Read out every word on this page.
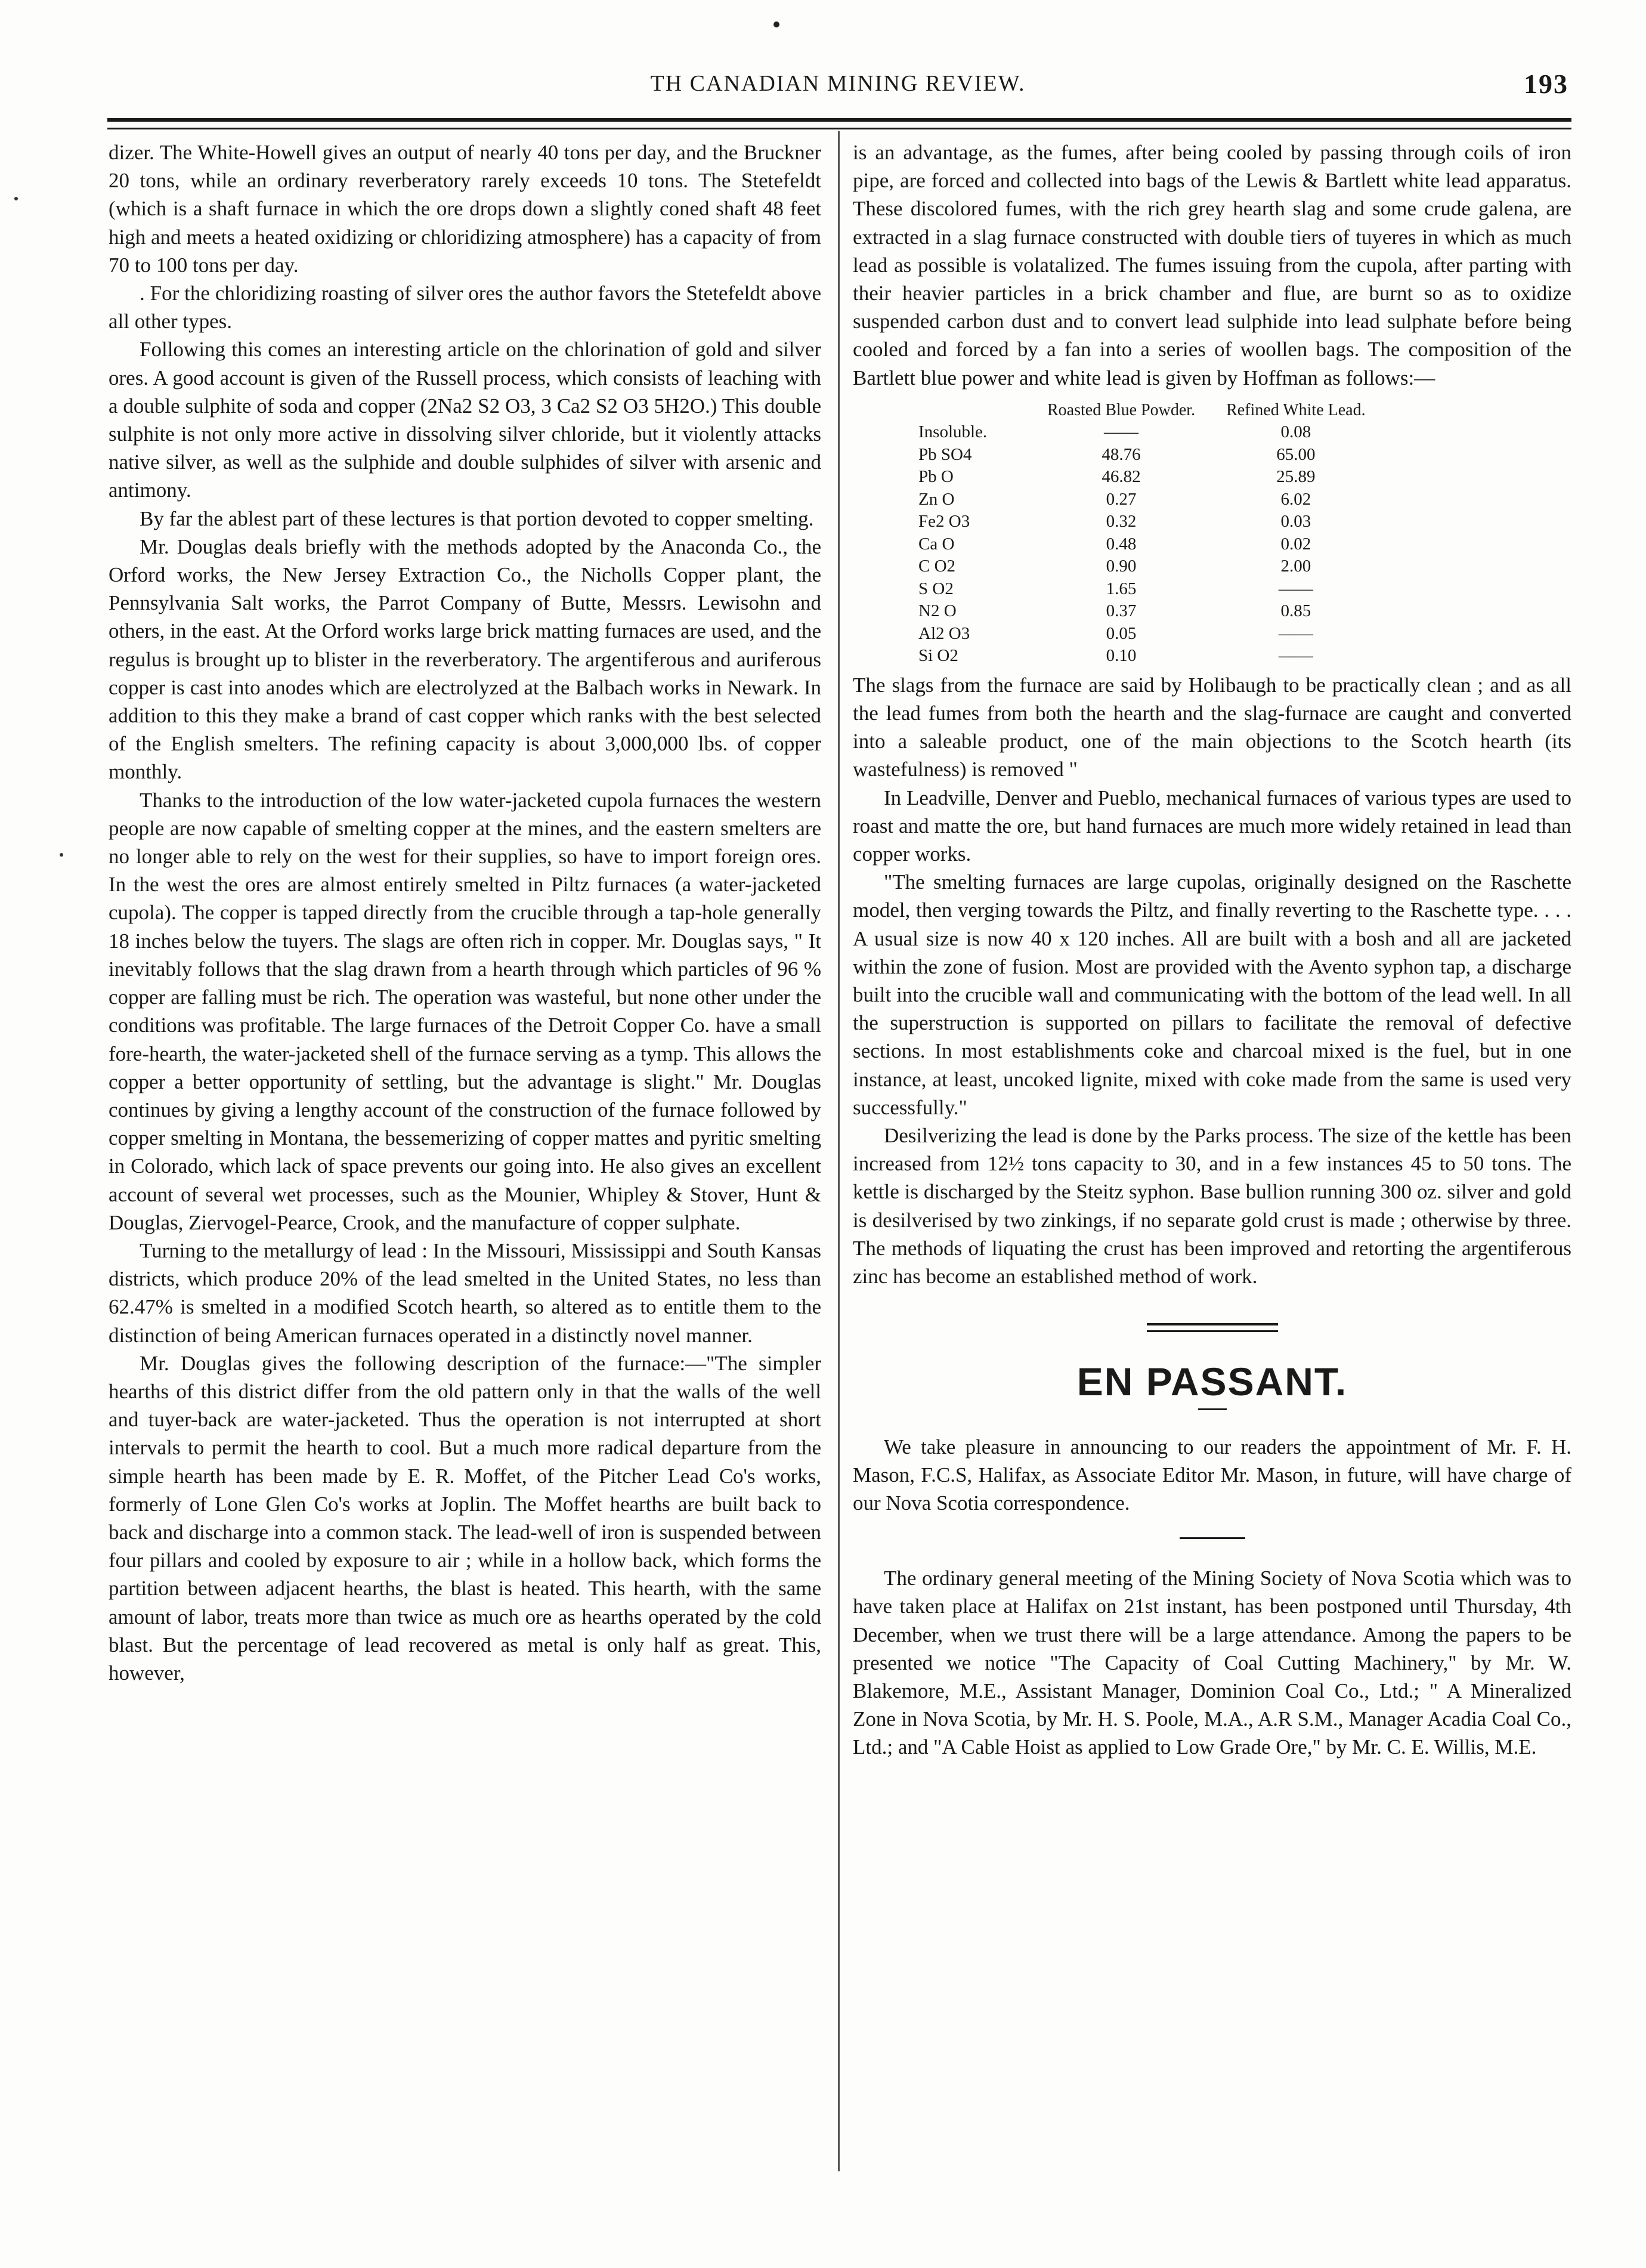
TH CANADIAN MINING REVIEW.	193

dizer. The White-Howell gives an output of nearly 40 tons per day, and the Bruckner 20 tons, while an ordinary reverberatory rarely exceeds 10 tons. The Stetefeldt (which is a shaft furnace in which the ore drops down a slightly coned shaft 48 feet high and meets a heated oxidizing or chloridizing atmosphere) has a capacity of from 70 to 100 tons per day.

. For the chloridizing roasting of silver ores the author favors the Stetefeldt above all other types.

Following this comes an interesting article on the chlorination of gold and silver ores. A good account is given of the Russell process, which consists of leaching with a double sulphite of soda and copper (2Na2 S2 O3, 3 Ca2 S2 O3 5H2O.) This double sulphite is not only more active in dissolving silver chloride, but it violently attacks native silver, as well as the sulphide and double sulphides of silver with arsenic and antimony.

By far the ablest part of these lectures is that portion devoted to copper smelting.

Mr. Douglas deals briefly with the methods adopted by the Anaconda Co., the Orford works, the New Jersey Extraction Co., the Nicholls Copper plant, the Pennsylvania Salt works, the Parrot Company of Butte, Messrs. Lewisohn and others, in the east. At the Orford works large brick matting furnaces are used, and the regulus is brought up to blister in the reverberatory. The argentiferous and auriferous copper is cast into anodes which are electrolyzed at the Balbach works in Newark. In addition to this they make a brand of cast copper which ranks with the best selected of the English smelters. The refining capacity is about 3,000,000 lbs. of copper monthly.

Thanks to the introduction of the low water-jacketed cupola furnaces the western people are now capable of smelting copper at the mines, and the eastern smelters are no longer able to rely on the west for their supplies, so have to import foreign ores. In the west the ores are almost entirely smelted in Piltz furnaces (a water-jacketed cupola). The copper is tapped directly from the crucible through a tap-hole generally 18 inches below the tuyers. The slags are often rich in copper. Mr. Douglas says, " It inevitably follows that the slag drawn from a hearth through which particles of 96 % copper are falling must be rich. The operation was wasteful, but none other under the conditions was profitable. The large furnaces of the Detroit Copper Co. have a small fore-hearth, the water-jacketed shell of the furnace serving as a tymp. This allows the copper a better opportunity of settling, but the advantage is slight." Mr. Douglas continues by giving a lengthy account of the construction of the furnace followed by copper smelting in Montana, the bessemerizing of copper mattes and pyritic smelting in Colorado, which lack of space prevents our going into. He also gives an excellent account of several wet processes, such as the Mounier, Whipley & Stover, Hunt & Douglas, Ziervogel-Pearce, Crook, and the manufacture of copper sulphate.

Turning to the metallurgy of lead : In the Missouri, Mississippi and South Kansas districts, which produce 20% of the lead smelted in the United States, no less than 62.47% is smelted in a modified Scotch hearth, so altered as to entitle them to the distinction of being American furnaces operated in a distinctly novel manner.

Mr. Douglas gives the following description of the furnace:—"The simpler hearths of this district differ from the old pattern only in that the walls of the well and tuyer-back are water-jacketed. Thus the operation is not interrupted at short intervals to permit the hearth to cool. But a much more radical departure from the simple hearth has been made by E. R. Moffet, of the Pitcher Lead Co's works, formerly of Lone Glen Co's works at Joplin. The Moffet hearths are built back to back and discharge into a common stack. The lead-well of iron is suspended between four pillars and cooled by exposure to air ; while in a hollow back, which forms the partition between adjacent hearths, the blast is heated. This hearth, with the same amount of labor, treats more than twice as much ore as hearths operated by the cold blast. But the percentage of lead recovered as metal is only half as great. This, however,

is an advantage, as the fumes, after being cooled by passing through coils of iron pipe, are forced and collected into bags of the Lewis & Bartlett white lead apparatus. These discolored fumes, with the rich grey hearth slag and some crude galena, are extracted in a slag furnace constructed with double tiers of tuyeres in which as much lead as possible is volatalized. The fumes issuing from the cupola, after parting with their heavier particles in a brick chamber and flue, are burnt so as to oxidize suspended carbon dust and to convert lead sulphide into lead sulphate before being cooled and forced by a fan into a series of woollen bags. The composition of the Bartlett blue power and white lead is given by Hoffman as follows:—

	Roasted Blue Powder.	Refined White Lead.
Insoluble.	——	0.08
Pb SO4	48.76	65.00
Pb O	46.82	25.89
Zn O	0.27	6.02
Fe2 O3	0.32	0.03
Ca O	0.48	0.02
C O2	0.90	2.00
S O2	1.65	——
N2 O	0.37	0.85
Al2 O3	0.05	——
Si O2	0.10	——

The slags from the furnace are said by Holibaugh to be practically clean ; and as all the lead fumes from both the hearth and the slag-furnace are caught and converted into a saleable product, one of the main objections to the Scotch hearth (its wastefulness) is removed "

In Leadville, Denver and Pueblo, mechanical furnaces of various types are used to roast and matte the ore, but hand furnaces are much more widely retained in lead than copper works.

"The smelting furnaces are large cupolas, originally designed on the Raschette model, then verging towards the Piltz, and finally reverting to the Raschette type. . . . A usual size is now 40 x 120 inches. All are built with a bosh and all are jacketed within the zone of fusion. Most are provided with the Avento syphon tap, a discharge built into the crucible wall and communicating with the bottom of the lead well. In all the superstruction is supported on pillars to facilitate the removal of defective sections. In most establishments coke and charcoal mixed is the fuel, but in one instance, at least, uncoked lignite, mixed with coke made from the same is used very successfully."

Desilverizing the lead is done by the Parks process. The size of the kettle has been increased from 12½ tons capacity to 30, and in a few instances 45 to 50 tons. The kettle is discharged by the Steitz syphon. Base bullion running 300 oz. silver and gold is desilverised by two zinkings, if no separate gold crust is made ; otherwise by three. The methods of liquating the crust has been improved and retorting the argentiferous zinc has become an established method of work.

EN PASSANT.

We take pleasure in announcing to our readers the appointment of Mr. F. H. Mason, F.C.S, Halifax, as Associate Editor Mr. Mason, in future, will have charge of our Nova Scotia correspondence.

The ordinary general meeting of the Mining Society of Nova Scotia which was to have taken place at Halifax on 21st instant, has been postponed until Thursday, 4th December, when we trust there will be a large attendance. Among the papers to be presented we notice "The Capacity of Coal Cutting Machinery," by Mr. W. Blakemore, M.E., Assistant Manager, Dominion Coal Co., Ltd.; " A Mineralized Zone in Nova Scotia, by Mr. H. S. Poole, M.A., A.R S.M., Manager Acadia Coal Co., Ltd.; and "A Cable Hoist as applied to Low Grade Ore," by Mr. C. E. Willis, M.E.
